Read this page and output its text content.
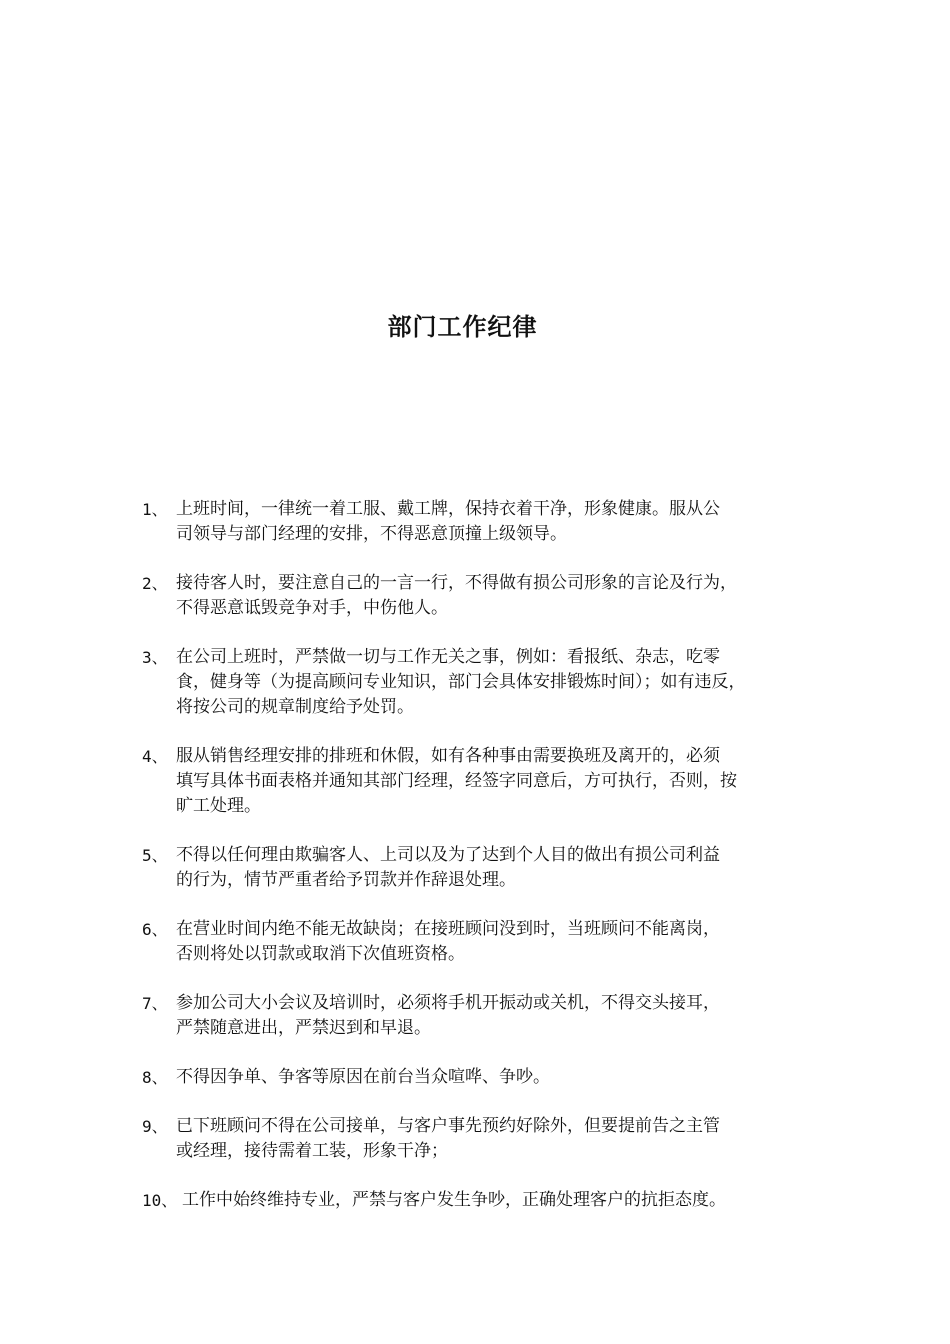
部门工作纪律
1、 上班时间，一律统一着工服、戴工牌，保持衣着干净，形象健康。服从公
司领导与部门经理的安排，不得恶意顶撞上级领导。
2、 接待客人时，要注意自己的一言一行，不得做有损公司形象的言论及行为，
不得恶意诋毁竞争对手，中伤他人。
3、 在公司上班时，严禁做一切与工作无关之事，例如：看报纸、杂志，吃零
食，健身等（为提高顾问专业知识，部门会具体安排锻炼时间）；如有违反，
将按公司的规章制度给予处罚。
4、 服从销售经理安排的排班和休假，如有各种事由需要换班及离开的，必须
填写具体书面表格并通知其部门经理，经签字同意后，方可执行，否则，按
旷工处理。
5、 不得以任何理由欺骗客人、上司以及为了达到个人目的做出有损公司利益
的行为，情节严重者给予罚款并作辞退处理。
6、 在营业时间内绝不能无故缺岗；在接班顾问没到时，当班顾问不能离岗，
否则将处以罚款或取消下次值班资格。
7、 参加公司大小会议及培训时，必须将手机开振动或关机，不得交头接耳，
严禁随意进出，严禁迟到和早退。
8、 不得因争单、争客等原因在前台当众喧哗、争吵。
9、 已下班顾问不得在公司接单，与客户事先预约好除外，但要提前告之主管
或经理，接待需着工装，形象干净；
10、 工作中始终维持专业，严禁与客户发生争吵，正确处理客户的抗拒态度。
